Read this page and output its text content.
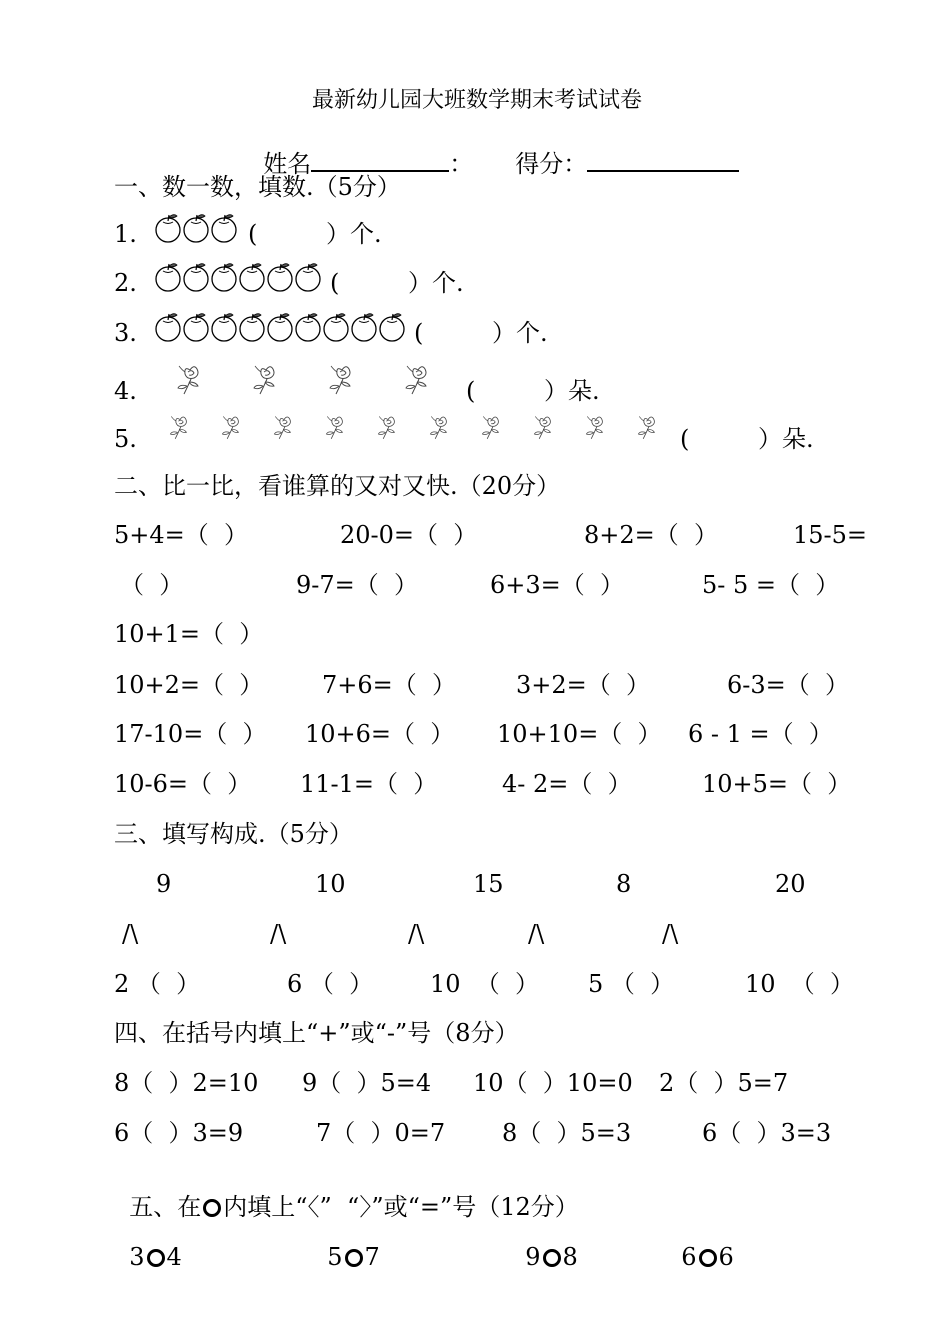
最新幼儿园大班数学期末考试试卷

姓名	：	得分：

一、数一数，填数.（5分）
1.	(         ）个.
2.	(         ）个.
3.	(         ）个.
4.	(         ）朵.
5.	(         ）朵.
二、比一比，看谁算的又对又快.（20分）
5+4=（  ）	20-0=（  ）	8+2=（  ）	15-5=
（  ）	9-7=（  ）	6+3=（  ）	5- 5 =（  ）
10+1=（  ）
10+2=（  ） 7+6=（  ） 3+2=（  ）	6-3=（  ）
17-10=（  ） 10+6=（  ） 10+10=（  ） 6 - 1 =（  ）
10-6=（  ） 11-1=（  ）	4- 2=（  ）	10+5=（  ）
三、填写构成.（5分）
9	10	15	8	20
/\	/\	/\	/\	/\
2 （  ）	6 （  ） 10  （  ） 5 （  ）	10  （  ）
四、在括号内填上“+”或“-”号（8分）
8（  ）2=10 9（  ）5=4 10（  ）10=0 2（  ）5=7
6（  ）3=9	7（  ）0=7 8（  ）5=3	6（  ）3=3

五、在 内填上“〈”  “〉”或“=”号（12分）

3 4	5 7	9 8	6 6
